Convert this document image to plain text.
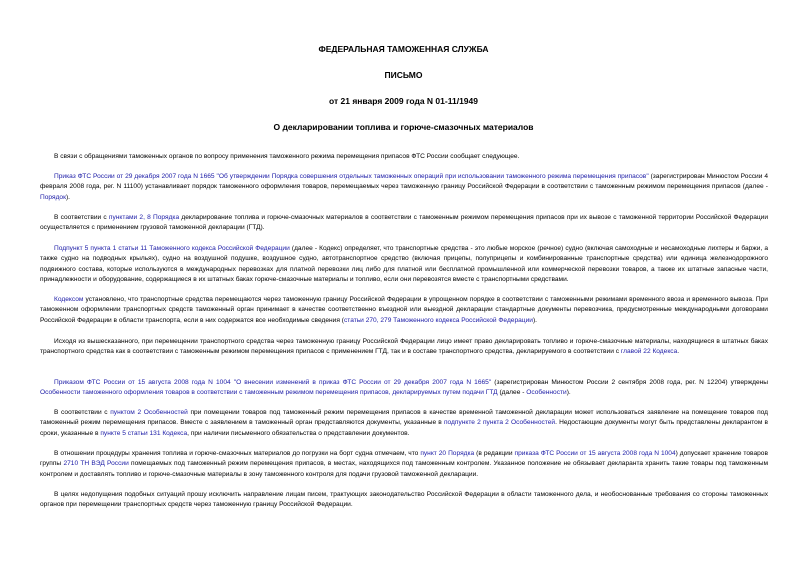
ФЕДЕРАЛЬНАЯ ТАМОЖЕННАЯ СЛУЖБА
ПИСЬМО
от 21 января 2009 года N 01-11/1949
О декларировании топлива и горюче-смазочных материалов

В связи с обращениями таможенных органов по вопросу применения таможенного режима перемещения припасов ФТС России сообщает следующее.

Приказ ФТС России от 29 декабря 2007 года N 1665 "Об утверждении Порядка совершения отдельных таможенных операций при использовании таможенного режима перемещения припасов" (зарегистрирован Минюстом России 4 февраля 2008 года, рег. N 11100) устанавливает порядок таможенного оформления товаров, перемещаемых через таможенную границу Российской Федерации в соответствии с таможенным режимом перемещения припасов (далее - Порядок).

В соответствии с пунктами 2, 8 Порядка декларирование топлива и горюче-смазочных материалов в соответствии с таможенным режимом перемещения припасов при их вывозе с таможенной территории Российской Федерации осуществляется с применением грузовой таможенной декларации (ГТД).

Подпункт 5 пункта 1 статьи 11 Таможенного кодекса Российской Федерации (далее - Кодекс) определяет, что транспортные средства - это любые морское (речное) судно (включая самоходные и несамоходные лихтеры и баржи, а также судно на подводных крыльях), судно на воздушной подушке, воздушное судно, автотранспортное средство (включая прицепы, полуприцепы и комбинированные транспортные средства) или единица железнодорожного подвижного состава, которые используются в международных перевозках для платной перевозки лиц либо для платной или бесплатной промышленной или коммерческой перевозки товаров, а также их штатные запасные части, принадлежности и оборудование, содержащиеся в их штатных баках горюче-смазочные материалы и топливо, если они перевозятся вместе с транспортными средствами.

Кодексом установлено, что транспортные средства перемещаются через таможенную границу Российской Федерации в упрощенном порядке в соответствии с таможенными режимами временного ввоза и временного вывоза. При таможенном оформлении транспортных средств таможенный орган принимает в качестве соответственно въездной или выездной декларации стандартные документы перевозчика, предусмотренные международными договорами Российской Федерации в области транспорта, если в них содержатся все необходимые сведения (статьи 270, 279 Таможенного кодекса Российской Федерации).

Исходя из вышесказанного, при перемещении транспортного средства через таможенную границу Российской Федерации лицо имеет право декларировать топливо и горюче-смазочные материалы, находящиеся в штатных баках транспортного средства как в соответствии с таможенным режимом перемещения припасов с применением ГТД, так и в составе транспортного средства, декларируемого в соответствии с главой 22 Кодекса.

Приказом ФТС России от 15 августа 2008 года N 1004 "О внесении изменений в приказ ФТС России от 29 декабря 2007 года N 1665" (зарегистрирован Минюстом России 2 сентября 2008 года, рег. N 12204) утверждены Особенности таможенного оформления товаров в соответствии с таможенным режимом перемещения припасов, декларируемых путем подачи ГТД (далее - Особенности).

В соответствии с пунктом 2 Особенностей при помещении товаров под таможенный режим перемещения припасов в качестве временной таможенной декларации может использоваться заявление на помещение товаров под таможенный режим перемещения припасов. Вместе с заявлением в таможенный орган представляются документы, указанные в подпункте 2 пункта 2 Особенностей. Недостающие документы могут быть представлены декларантом в сроки, указанные в пункте 5 статьи 131 Кодекса, при наличии письменного обязательства о представлении документов.

В отношении процедуры хранения топлива и горюче-смазочных материалов до погрузки на борт судна отмечаем, что пункт 20 Порядка (в редакции приказа ФТС России от 15 августа 2008 года N 1004) допускает хранение товаров группы 2710 ТН ВЭД России помещаемых под таможенный режим перемещения припасов, в местах, находящихся под таможенным контролем. Указанное положение не обязывает декларанта хранить такие товары под таможенным контролем и доставлять топливо и горюче-смазочные материалы в зону таможенного контроля для подачи грузовой таможенной декларации.

В целях недопущения подобных ситуаций прошу исключить направление лицам писем, трактующих законодательство Российской Федерации в области таможенного дела, и необоснованные требования со стороны таможенных органов при перемещении транспортных средств через таможенную границу Российской Федерации.
